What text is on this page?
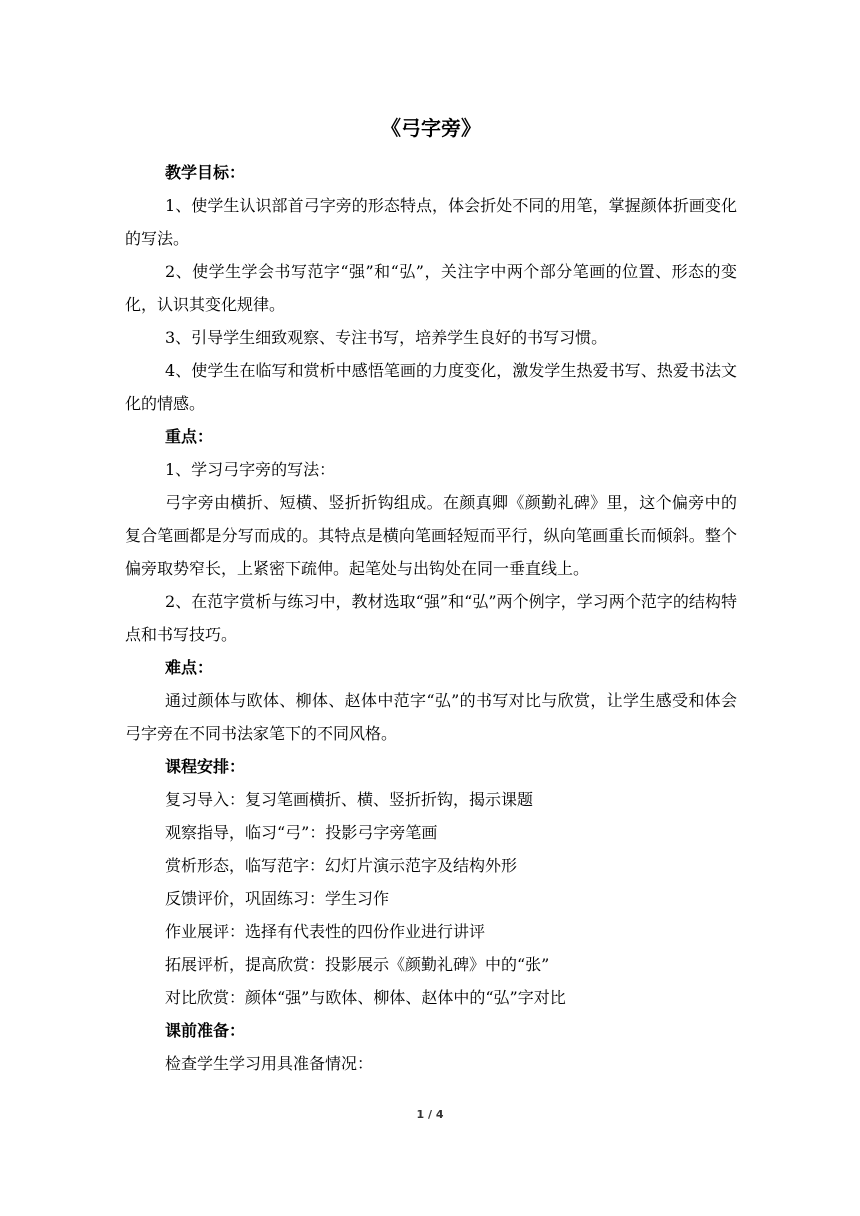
《弓字旁》
教学目标：
1、使学生认识部首弓字旁的形态特点，体会折处不同的用笔，掌握颜体折画变化的写法。
2、使学生学会书写范字“强”和“弘”，关注字中两个部分笔画的位置、形态的变化，认识其变化规律。
3、引导学生细致观察、专注书写，培养学生良好的书写习惯。
4、使学生在临写和赏析中感悟笔画的力度变化，激发学生热爱书写、热爱书法文化的情感。
重点：
1、学习弓字旁的写法：
弓字旁由横折、短横、竖折折钩组成。在颜真卿《颜勤礼碑》里，这个偏旁中的复合笔画都是分写而成的。其特点是横向笔画轻短而平行，纵向笔画重长而倾斜。整个偏旁取势窄长，上紧密下疏伸。起笔处与出钩处在同一垂直线上。
2、在范字赏析与练习中，教材选取“强”和“弘”两个例字，学习两个范字的结构特点和书写技巧。
难点：
通过颜体与欧体、柳体、赵体中范字“弘”的书写对比与欣赏，让学生感受和体会弓字旁在不同书法家笔下的不同风格。
课程安排：
复习导入：复习笔画横折、横、竖折折钩，揭示课题
观察指导，临习“弓”：投影弓字旁笔画
赏析形态，临写范字：幻灯片演示范字及结构外形
反馈评价，巩固练习：学生习作
作业展评：选择有代表性的四份作业进行讲评
拓展评析，提高欣赏：投影展示《颜勤礼碑》中的“张”
对比欣赏：颜体“强”与欧体、柳体、赵体中的“弘”字对比
课前准备：
检查学生学习用具准备情况：
1 / 4
